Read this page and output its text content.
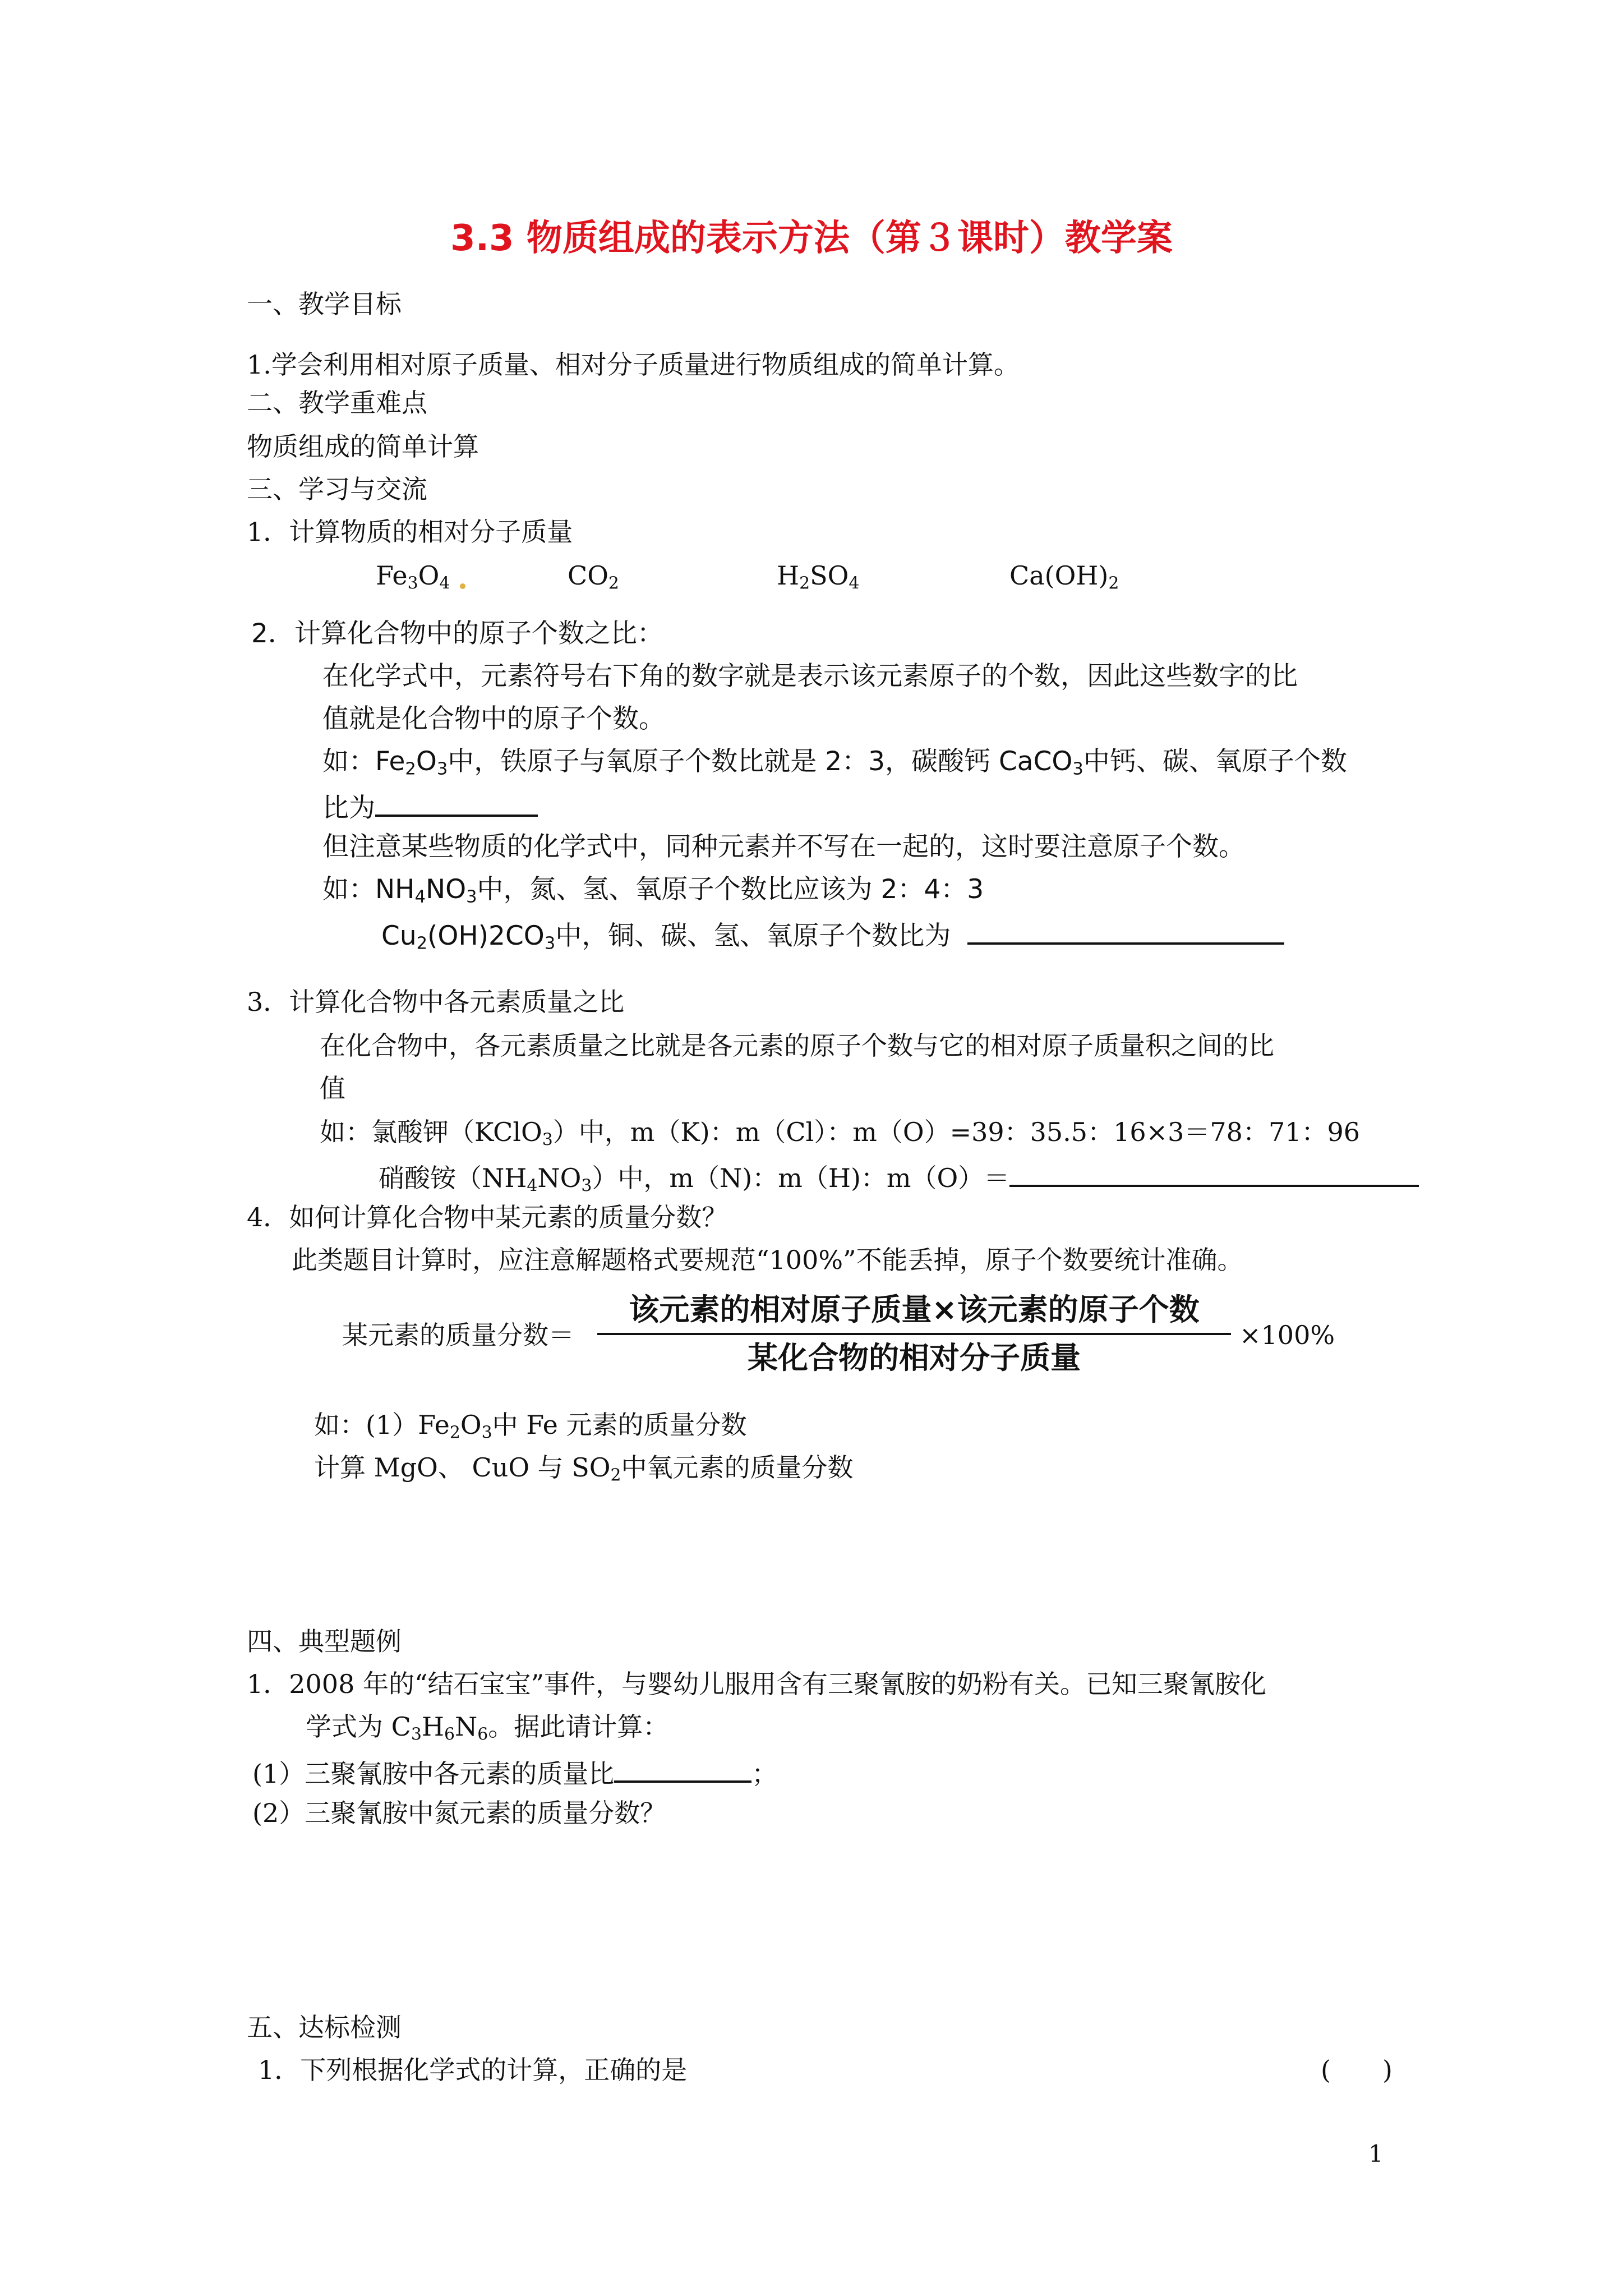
3.3 物质组成的表示方法（第３课时）教学案
一、教学目标
1.学会利用相对原子质量、相对分子质量进行物质组成的简单计算。
二、教学重难点
物质组成的简单计算
三、学习与交流
1．计算物质的相对分子质量
$Fe_3O_4$	$CO_2$	$H_2SO_4$	$Ca(OH)_2$
2．计算化合物中的原子个数之比：
在化学式中，元素符号右下角的数字就是表示该元素原子的个数，因此这些数字的比
值就是化合物中的原子个数。
如：$Fe_2O_3$中，铁原子与氧原子个数比就是 2：3，碳酸钙 CaCO$_3$中钙、碳、氧原子个数
比为
但注意某些物质的化学式中，同种元素并不写在一起的，这时要注意原子个数。
如：$NH_4NO_3$中，氮、氢、氧原子个数比应该为 2：4：3
$Cu_2(OH)2CO_3$中，铜、碳、氢、氧原子个数比为
3．计算化合物中各元素质量之比
在化合物中，各元素质量之比就是各元素的原子个数与它的相对原子质量积之间的比
值
如：氯酸钾（KClO$_3$）中，m（K)：m（Cl）：m（O）=39：35.5：16×3＝78：71：96
硝酸铵$(NH_4NO_3)$中，m（N)：m（H)：m（O）＝
4．如何计算化合物中某元素的质量分数？
此类题目计算时，应注意解题格式要规范“100%”不能丢掉，原子个数要统计准确。
某元素的质量分数＝
该元素的相对原子质量×该元素的原子个数
某化合物的相对分子质量
×100%
如：$(1)Fe_2O_3$中 Fe 元素的质量分数
计算 MgO、 CuO 与 $SO_2$中氧元素的质量分数
四、典型题例
1．2008 年的“结石宝宝”事件，与婴幼儿服用含有三聚氰胺的奶粉有关。已知三聚氰胺化
学式为 $C_3H_6N_6$。据此请计算：
(1）三聚氰胺中各元素的质量比	；
(2）三聚氰胺中氮元素的质量分数？
五、达标检测
1．下列根据化学式的计算，正确的是	(　　)
1
